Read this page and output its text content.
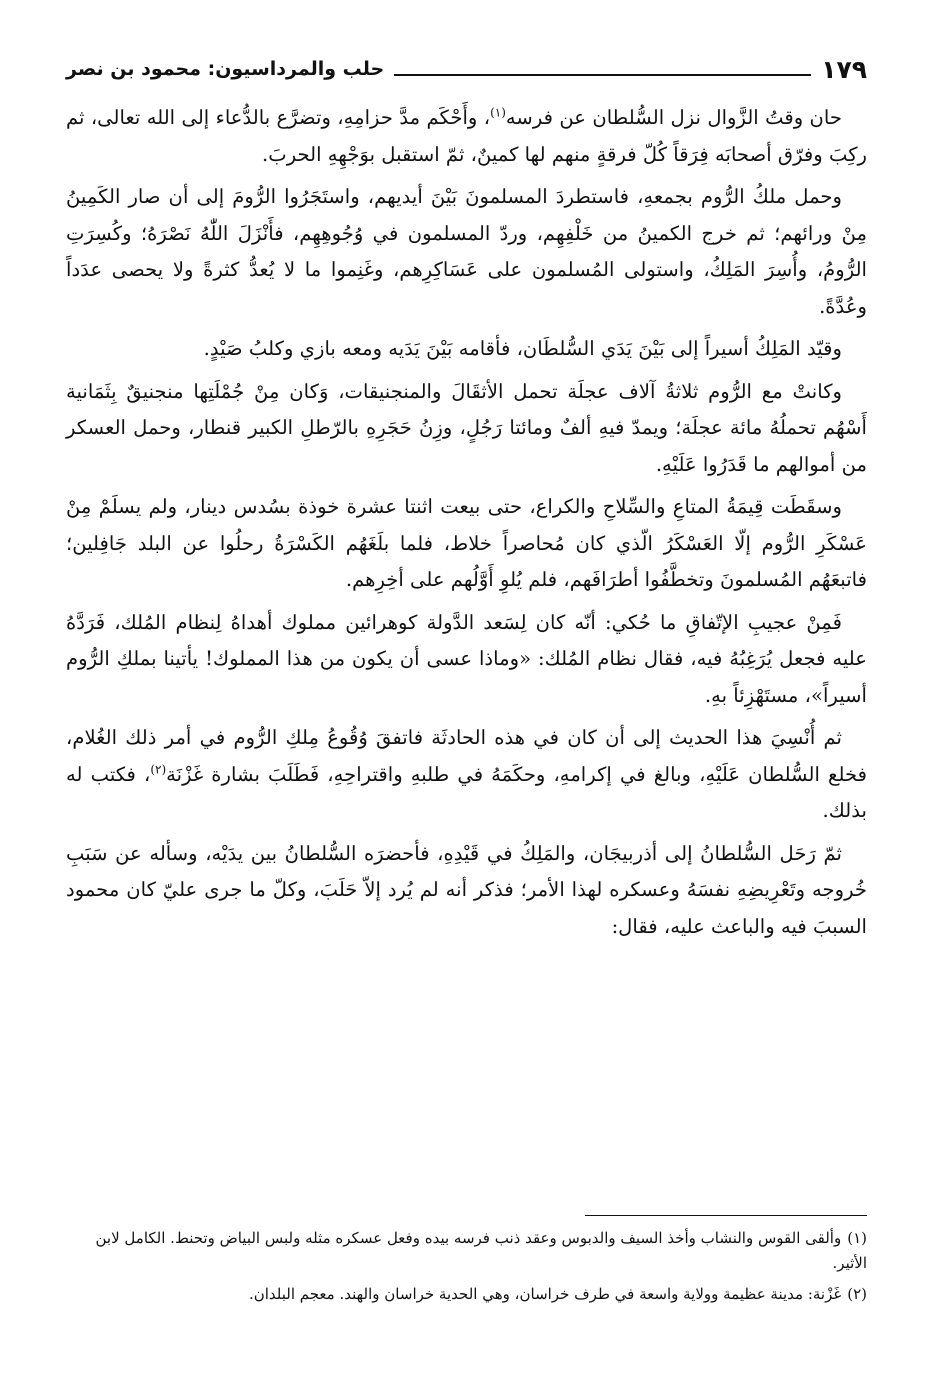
حلب والمرداسيون: محمود بن نصر	١٧٩

حان وقتُ الزَّوال نزل السُّلطان عن فرسه$^{(١)}$، وأَحْكَم مدَّ حزامِهِ، وتضرَّع بالدُّعاء إلى الله تعالى، ثم ركِبَ وفرّق أصحابَه فِرَقاً كُلّ فرقةٍ منهم لها كمينٌ، ثمّ استقبل بوَجْهِهِ الحربَ.

وحمل ملكُ الرُّوم بجمعهِ، فاستطردَ المسلمونَ بَيْنَ أيديهم، واستَجَرُوا الرُّومَ إلى أن صار الكَمِينُ مِنْ ورائهم؛ ثم خرج الكمينُ من خَلْفِهِم، وردّ المسلمون في وُجُوهِهِم، فأَنْزَلَ اللّٰهُ نَصْرَهُ؛ وكُسِرَتِ الرُّومُ، وأُسِرَ المَلِكُ، واستولى المُسلمون على عَسَاكِرِهم، وغَنِموا ما لا يُعدُّ كثرةً ولا يحصى عدَداً وعُدَّةً.

وقيّد المَلِكُ أسيراً إلى بَيْنَ يَدَي السُّلطَان، فأقامه بَيْنَ يَدَيه ومعه بازي وكلبُ صَيْدٍ.

وكانتْ مع الرُّوم ثلاثةُ آلاف عجلَة تحمل الأثقَالَ والمنجنيقات، وَكان مِنْ جُمْلَتِها منجنيقٌ بِثَمَانية أَسْهُم تحملُهُ مائة عجلَة؛ ويمدّ فيهِ ألفٌ ومائتا رَجُلٍ، وزِنُ حَجَرِهِ بالرّطلِ الكبير قنطار، وحمل العسكر من أموالهم ما قَدَرُوا عَلَيْهِ.

وسقَطَت قِيمَةُ المتاعِ والسِّلاحِ والكراع، حتى بيعت اثنتا عشرة خوذة بسُدس دينار، ولم يسلَمْ مِنْ عَسْكَرِ الرُّوم إلّا العَسْكَرُ الّذي كان مُحاصراً خلاط، فلما بلَغَهُم الكَسْرَةُ رحلُوا عن البلد جَافِلين؛ فاتبعَهُم المُسلمونَ وتخطَّفُوا أطرَافَهم، فلم يُلوِ أَوَّلُهم على أخِرِهم.

فَمِنْ عجيبِ الإتّفاقِ ما حُكي: أنّه كان لِسَعد الدَّولة كوهرائين مملوك أهداهُ لِنظام المُلك، فَرَدَّهُ عليه فجعل يُرَغِبُهُ فيه، فقال نظام المُلك: «وماذا عسى أن يكون من هذا المملوك! يأتينا بملكِ الرُّوم أسيراً»، مستَهْزِئاً بهِ.

ثم أُنْسِيَ هذا الحديث إلى أن كان في هذه الحادثَة فاتفقَ وُقُوعُ مِلكِ الرُّوم في أمر ذلك الغُلام، فخلع السُّلطان عَلَيْهِ، وبالغ في إكرامهِ، وحكَمَهُ في طلبهِ واقتراحِهِ، فَطَلَبَ بشارة غَزْنَة$^{(٢)}$، فكتب له بذلك.

ثمّ رَحَل السُّلطانُ إلى أذربيجَان، والمَلِكُ في قَيْدِهِ، فأحضرَه السُّلطانُ بين يدَيْه، وسأله عن سَبَبِ خُروجه وتَعْرِيضِهِ نفسَهُ وعسكره لهذا الأمر؛ فذكر أنه لم يُرد إلاّ حَلَبَ، وكلّ ما جرى عليّ كان محمود السببَ فيه والباعث عليه، فقال:

(١)وألقى القوس والنشاب وأخذ السيف والدبوس وعقد ذنب فرسه بيده وفعل عسكره مثله ولبس البياض وتحنط. الكامل لابن الأثير.
(٢)غَزْنة: مدينة عظيمة وولاية واسعة في طرف خراسان، وهي الحدية خراسان والهند. معجم البلدان.
